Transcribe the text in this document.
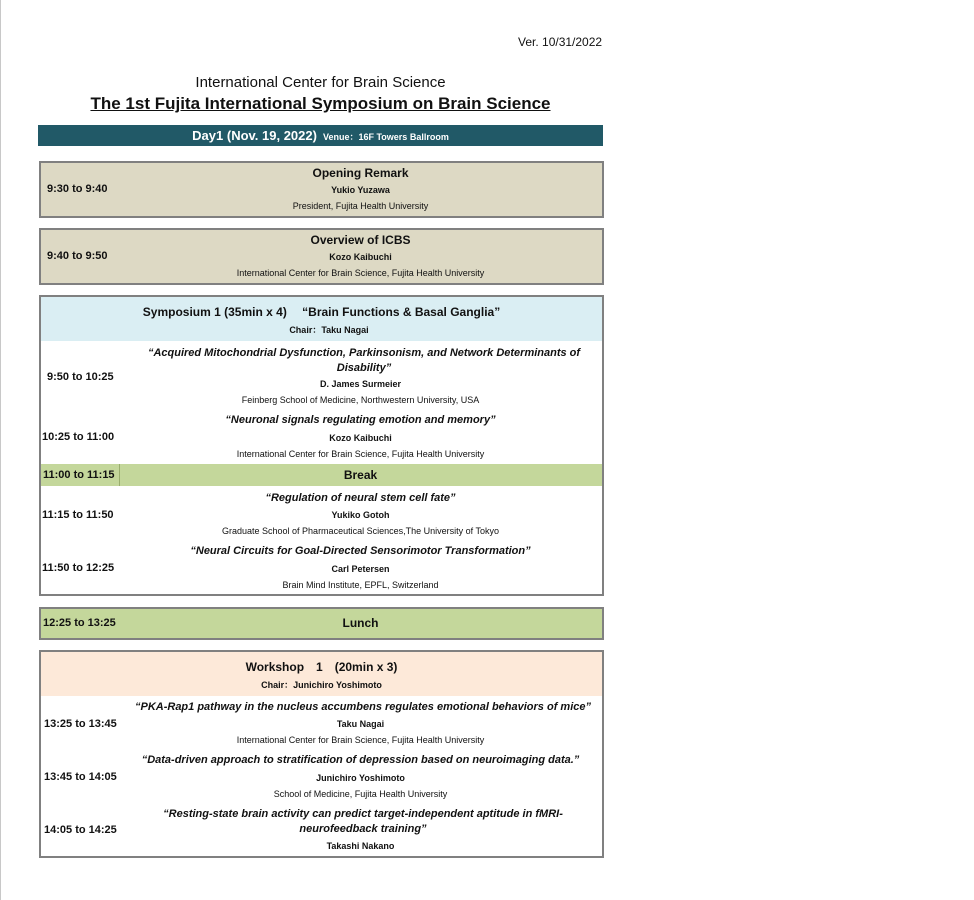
Ver. 10/31/2022
International Center for Brain Science
The 1st Fujita International Symposium on Brain Science
Day1 (Nov. 19, 2022) Venue：16F Towers Ballroom
9:30 to 9:40
Opening Remark
Yukio Yuzawa
President, Fujita Health University
9:40 to 9:50
Overview of ICBS
Kozo Kaibuchi
International Center for Brain Science, Fujita Health University
Symposium 1 (35min x 4)　 “Brain Functions & Basal Ganglia”
Chair：Taku Nagai
9:50 to 10:25
“Acquired Mitochondrial Dysfunction, Parkinsonism, and Network Determinants of Disability”
D. James Surmeier
Feinberg School of Medicine, Northwestern University, USA
10:25 to 11:00
“Neuronal signals regulating emotion and memory”
Kozo Kaibuchi
International Center for Brain Science, Fujita Health University
11:00 to 11:15	Break
11:15 to 11:50
“Regulation of neural stem cell fate”
Yukiko Gotoh
Graduate School of Pharmaceutical Sciences,The University of Tokyo
11:50 to 12:25
“Neural Circuits for Goal-Directed Sensorimotor Transformation”
Carl Petersen
Brain Mind Institute, EPFL, Switzerland
12:25 to 13:25	Lunch
Workshop　1　(20min x 3)
Chair：Junichiro Yoshimoto
13:25 to 13:45
“PKA-Rap1 pathway in the nucleus accumbens regulates emotional behaviors of mice”
Taku Nagai
International Center for Brain Science, Fujita Health University
13:45 to 14:05
“Data-driven approach to stratification of depression based on neuroimaging data.”
Junichiro Yoshimoto
School of Medicine, Fujita Health University
14:05 to 14:25
“Resting-state brain activity can predict target-independent aptitude in fMRI-neurofeedback training”
Takashi Nakano
